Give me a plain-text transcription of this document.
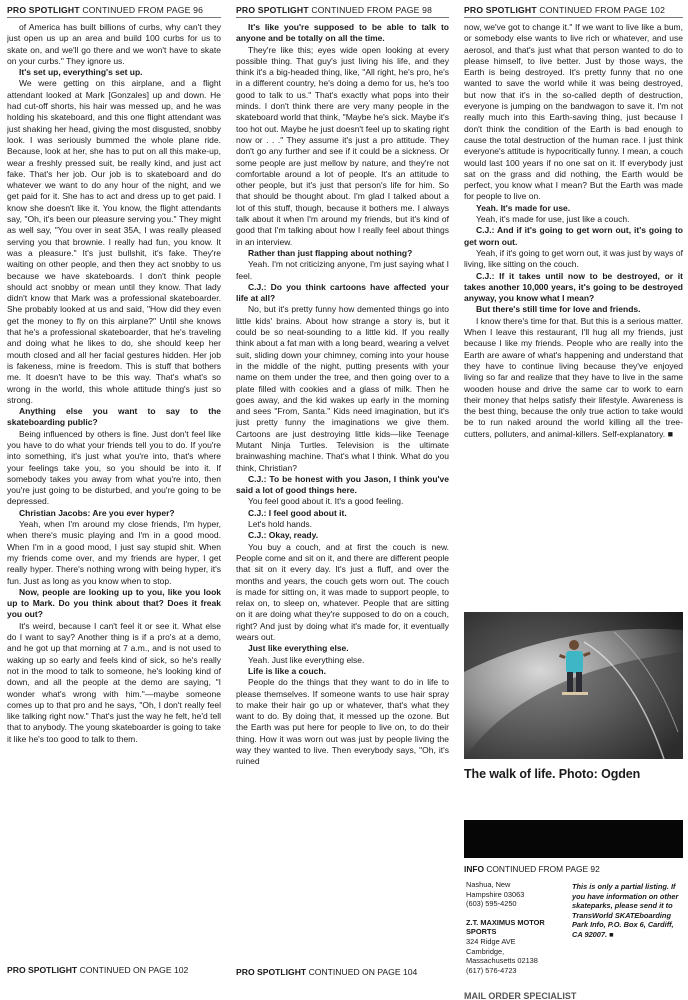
PRO SPOTLIGHT CONTINUED FROM PAGE 96

of America has built billions of curbs, why can't they just open us up an area and build 100 curbs for us to skate on, and we'll go there and we won't have to skate on your curbs." They ignore us.

It's set up, everything's set up.

We were getting on this airplane, and a flight attendant looked at Mark [Gonzales] up and down. He had cut-off shorts, his hair was messed up, and he was holding his skateboard, and this one flight attendant was just shaking her head, giving the most disgusted, snobby look. I was seriously bummed the whole plane ride. Because, look at her, she has to put on all this make-up, wear a freshly pressed suit, be really kind, and just act fake. That's her job. Our job is to skateboard and do whatever we want to do any hour of the night, and we get paid for it. She has to act and dress up to get paid. I know she doesn't like it. You know, the flight attendants say, "Oh, it's been our pleasure serving you." They might as well say, "You over in seat 35A, I was really pleased serving you that brownie. I really had fun, you know. It was a pleasure." It's just bullshit, it's fake. They're waiting on other people, and then they act snobby to us because we have skateboards. I don't think people should act snobby or mean until they know. That lady didn't know that Mark was a professional skateboarder. She probably looked at us and said, "How did they even get the money to fly on this airplane?" Until she knows that he's a professional skateboarder, that he's traveling and doing what he likes to do, she should keep her mouth closed and all her facial gestures hidden. Her job is fakeness, mine is freedom. This is stuff that bothers me. It doesn't have to be this way. That's what's so wrong in the world, this whole attitude thing's just so strong.

Anything else you want to say to the skateboarding public?

Being influenced by others is fine. Just don't feel like you have to do what your friends tell you to do. If you're into something, it's just what you're into, that's where your feelings take you, so you should be into it. If somebody takes you away from what you're into, then you're just going to be disturbed, and you're going to be depressed.

Christian Jacobs: Are you ever hyper?

Yeah, when I'm around my close friends, I'm hyper, when there's music playing and I'm in a good mood. When I'm in a good mood, I just say stupid shit. When my friends come over, and my friends are hyper, I get really hyper. There's nothing wrong with being hyper, it's fun. Just as long as you know when to stop.

Now, people are looking up to you, like you look up to Mark. Do you think about that? Does it freak you out?

It's weird, because I can't feel it or see it. What else do I want to say? Another thing is if a pro's at a demo, and he got up that morning at 7 a.m., and is not used to waking up so early and feels kind of sick, so he's really not in the mood to talk to someone, he's looking kind of down, and all the people at the demo are saying, "I wonder what's wrong with him."—maybe someone comes up to that pro and he says, "Oh, I don't really feel like talking right now." That's just the way he felt, he'd tell that to anybody. The young skateboarder is going to take it like he's too good to talk to them.

PRO SPOTLIGHT CONTINUED ON PAGE 102
PRO SPOTLIGHT CONTINUED FROM PAGE 98

It's like you're supposed to be able to talk to anyone and be totally on all the time.

They're like this; eyes wide open looking at every possible thing. That guy's just living his life, and they think it's a big-headed thing, like, "All right, he's pro, he's in a different country, he's doing a demo for us, he's too good to talk to us." That's exactly what pops into their minds. I don't think there are very many people in the skateboard world that think, "Maybe he's sick. Maybe it's too hot out. Maybe he just doesn't feel up to skating right now or . . ." They assume it's just a pro attitude. They don't go any further and see if it could be a sickness. Or some people are just mellow by nature, and they're not comfortable around a lot of people. It's an attitude to other people, but it's just that person's life for him. So that should be thought about. I'm glad I talked about a lot of this stuff, though, because it bothers me. I always talk about it when I'm around my friends, but it's kind of good that I'm talking about how I really feel about things in an interview.

Rather than just flapping about nothing?

Yeah. I'm not criticizing anyone, I'm just saying what I feel.

C.J.: Do you think cartoons have affected your life at all?

No, but it's pretty funny how demented things go into little kids' brains. About how strange a story is, but it could be so neat-sounding to a little kid. If you really think about a fat man with a long beard, wearing a velvet suit, sliding down your chimney, coming into your house in the middle of the night, putting presents with your name on them under the tree, and then going over to a plate filled with cookies and a glass of milk. Then he goes away, and the kid wakes up early in the morning and sees "From, Santa." Kids need imagination, but it's just pretty funny the imaginations we give them. Cartoons are just destroying little kids—like Teenage Mutant Ninja Turtles. Television is the ultimate brainwashing machine. That's what I think. What do you think, Christian?

C.J.: To be honest with you Jason, I think you've said a lot of good things here.

You feel good about it. It's a good feeling.

C.J.: I feel good about it.

Let's hold hands.

C.J.: Okay, ready.

You buy a couch, and at first the couch is new. People come and sit on it, and there are different people that sit on it every day. It's just a fluff, and over the months and years, the couch gets worn out. The couch is made for sitting on, it was made to support people, to relax on, to sleep on, whatever. People that are sitting on it are doing what they're supposed to do on a couch, right? And just by doing what it's made for, it eventually wears out.

Just like everything else.

Yeah. Just like everything else.

Life is like a couch.

People do the things that they want to do in life to please themselves. If someone wants to use hair spray to make their hair go up or whatever, that's what they want to do. By doing that, it messed up the ozone. But the Earth was put here for people to live on, to do their thing. How it was worn out was just by people living the way they wanted to live. Then everybody says, "Oh, it's ruined

PRO SPOTLIGHT CONTINUED ON PAGE 104
PRO SPOTLIGHT CONTINUED FROM PAGE 102

now, we've got to change it." If we want to live like a bum, or somebody else wants to live rich or whatever, and use aerosol, and that's just what that person wanted to do to please himself, to live better. Just by those ways, the Earth is being destroyed. It's pretty funny that no one wanted to save the world while it was being destroyed, but now that it's in the so-called depth of destruction, everyone is jumping on the bandwagon to save it. I'm not really much into this Earth-saving thing, just because I don't think the condition of the Earth is bad enough to cause the total destruction of the human race. I just think everyone's attitude is hypocritically funny. I mean, a couch would last 100 years if no one sat on it. If everybody just sat on the grass and did nothing, the Earth would be perfect, you know what I mean? But the Earth was made for people to live on.

Yeah. It's made for use.

Yeah, it's made for use, just like a couch.

C.J.: And if it's going to get worn out, it's going to get worn out.

Yeah, if it's going to get worn out, it was just by ways of living, like sitting on the couch.

C.J.: If it takes until now to be destroyed, or it takes another 10,000 years, it's going to be destroyed anyway, you know what I mean?

But there's still time for love and friends.

I know there's time for that. But this is a serious matter. When I leave this restaurant, I'll hug all my friends, just because I like my friends. People who are really into the Earth are aware of what's happening and understand that they have to continue living because they've enjoyed living so far and realize that they have to live in the same wooden house and drive the same car to work to earn their money that helps satisfy their lifestyle. Awareness is the best thing, because the only true action to take would be to run naked around the world killing all the tree-cutters, polluters, and animal-killers. Self-explanatory. ■

The walk of life. Photo: Ogden
INFO CONTINUED FROM PAGE 92
Nashua, New
Hampshire 03063
(603) 595-4250
Z.T. MAXIMUS MOTOR
SPORTS
324 Ridge AVE
Cambridge,
Massachusetts 02138
(617) 576-4723
This is only a partial listing. If you have information on other skateparks, please send it to TransWorld SKATEboarding Park Info, P.O. Box 6, Cardiff, CA 92007. ■
MAIL ORDER SPECIALIST
